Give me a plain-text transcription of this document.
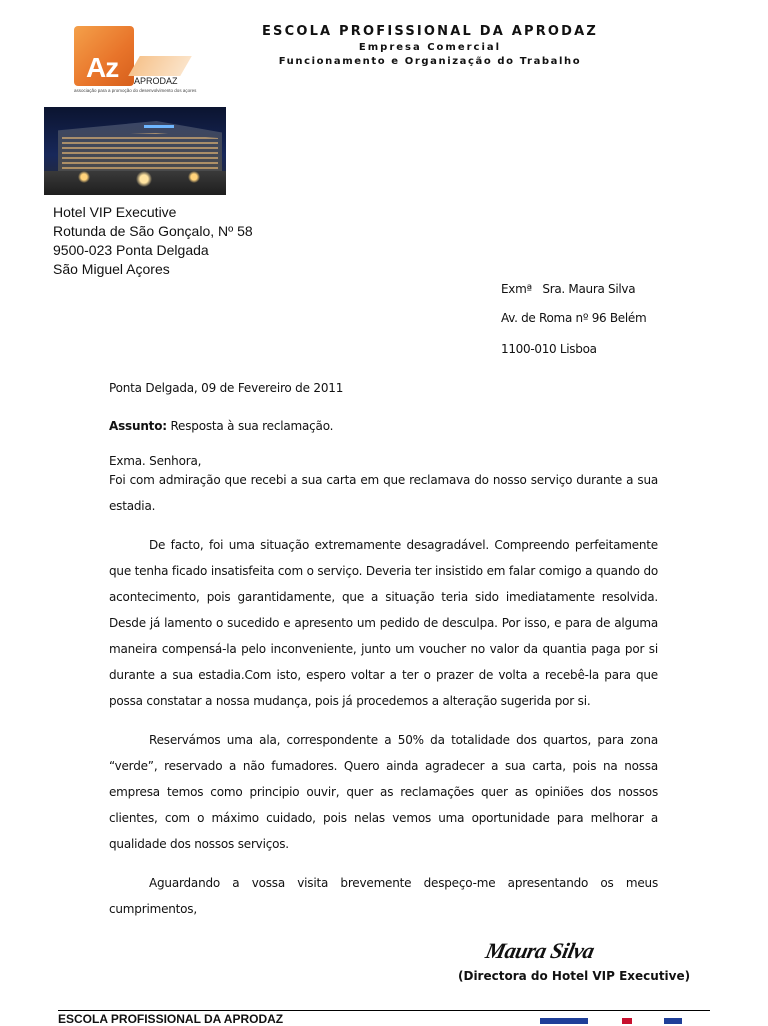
Az APRODAZ
associação para a promoção do desenvolvimento dos açores
ESCOLA PROFISSIONAL DA APRODAZ
Empresa Comercial
Funcionamento e Organização do Trabalho
Hotel VIP Executive
Rotunda de São Gonçalo, Nº 58
9500-023 Ponta Delgada
São Miguel Açores
Exmª   Sra. Maura Silva
Av. de Roma nº 96 Belém
1100-010 Lisboa
Ponta Delgada, 09 de Fevereiro de 2011
Assunto: Resposta à sua reclamação.
Exma. Senhora,
Foi com admiração que recebi a sua carta em que reclamava do nosso serviço durante a sua
estadia.
De facto, foi uma situação extremamente desagradável. Compreendo perfeitamente
que tenha ficado insatisfeita com o serviço. Deveria ter insistido em falar comigo a quando do
acontecimento, pois garantidamente, que a situação teria sido imediatamente resolvida.
Desde já lamento o sucedido e apresento um pedido de desculpa. Por isso, e para de alguma
maneira compensá-la pelo inconveniente, junto um voucher no valor da quantia paga por si
durante a sua estadia.Com isto, espero voltar a ter o prazer de volta a recebê-la para que
possa constatar a nossa mudança, pois já procedemos a alteração sugerida por si.
Reservámos uma ala, correspondente a 50% da totalidade dos quartos, para zona
“verde”, reservado a não fumadores. Quero ainda agradecer a sua carta, pois na nossa
empresa temos como principio ouvir, quer as reclamações quer as opiniões dos nossos
clientes, com o máximo cuidado, pois nelas vemos uma oportunidade para melhorar a
qualidade dos nossos serviços.
Aguardando a vossa visita brevemente despeço-me apresentando os meus
cumprimentos,
Maura Silva
(Directora do Hotel VIP Executive)
ESCOLA PROFISSIONAL DA APRODAZ
